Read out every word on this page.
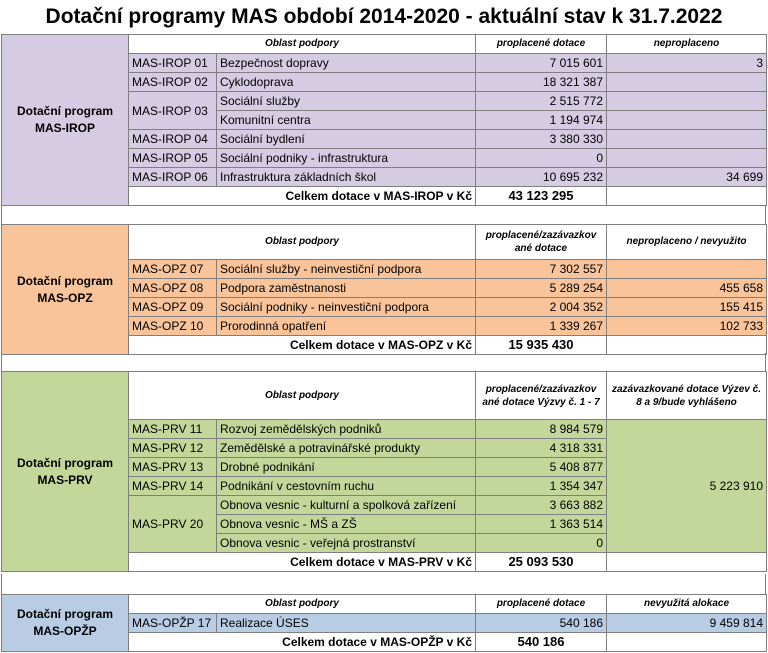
Dotační programy MAS období 2014-2020 - aktuální stav k 31.7.2022
Dotační program MAS-IROP	Oblast podpory		proplacené dotace	neproplaceno
	MAS-IROP 01	Bezpečnost dopravy	7 015 601	3
	MAS-IROP 02	Cyklodoprava	18 321 387	
	MAS-IROP 03	Sociální služby	2 515 772	
		Komunitní centra	1 194 974	
	MAS-IROP 04	Sociální bydlení	3 380 330	
	MAS-IROP 05	Sociální podniky - infrastruktura	0	
	MAS-IROP 06	Infrastruktura základních škol	10 695 232	34 699
	Celkem dotace v MAS-IROP v Kč		43 123 295	
Dotační program MAS-OPZ	Oblast podpory		proplacené/zazávazkov ané dotace	neproplaceno / nevyužito
	MAS-OPZ 07	Sociální služby - neinvestiční podpora	7 302 557	
	MAS-OPZ 08	Podpora zaměstnanosti	5 289 254	455 658
	MAS-OPZ 09	Sociální podniky - neinvestiční podpora	2 004 352	155 415
	MAS-OPZ 10	Prorodinná opatření	1 339 267	102 733
	Celkem dotace v MAS-OPZ v Kč		15 935 430	
Dotační program MAS-PRV	Oblast podpory		proplacené/zazávazkov ané dotace Výzvy č. 1 - 7	zazávazkované dotace Výzev č. 8 a 9/bude vyhlášeno
	MAS-PRV 11	Rozvoj zemědělských podniků	8 984 579	5 223 910
	MAS-PRV 12	Zemědělské a potravinářské produkty	4 318 331	
	MAS-PRV 13	Drobné podnikání	5 408 877	
	MAS-PRV 14	Podnikání v cestovním ruchu	1 354 347	
	MAS-PRV 20	Obnova vesnic - kulturní a spolková zařízení	3 663 882	
		Obnova vesnic - MŠ a ZŠ	1 363 514	
		Obnova vesnic - veřejná prostranství	0	
	Celkem dotace v MAS-PRV v Kč		25 093 530	
Dotační program MAS-OPŽP	Oblast podpory		proplacené dotace	nevyužitá alokace
	MAS-OPŽP 17	Realizace ÚSES	540 186	9 459 814
	Celkem dotace v MAS-OPŽP v Kč		540 186	
